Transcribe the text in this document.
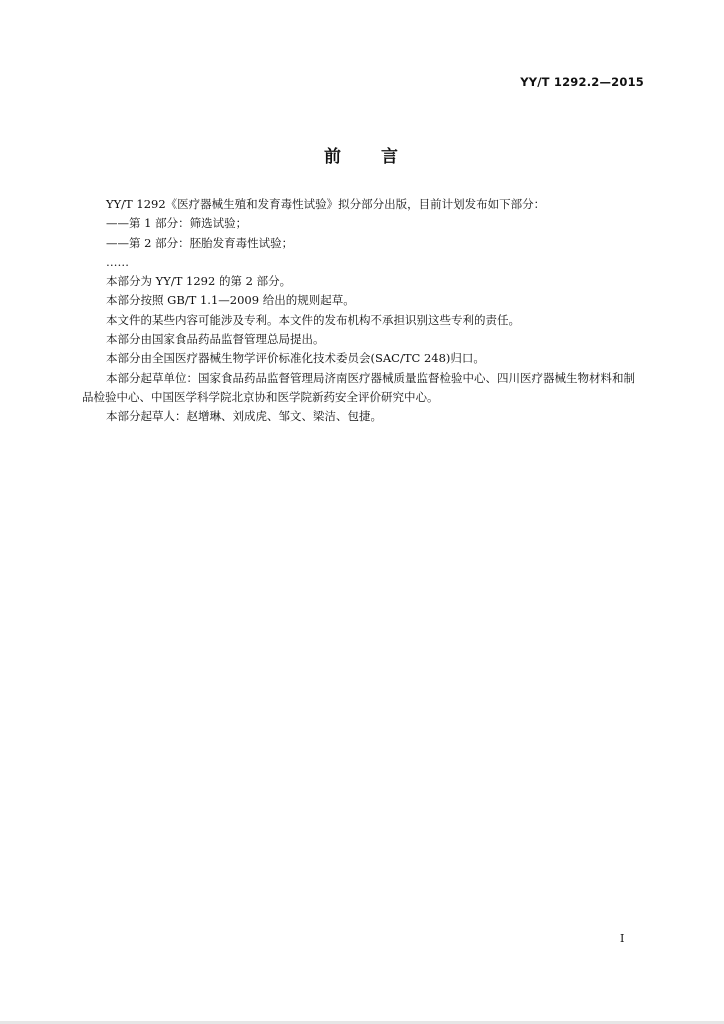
YY/T 1292.2—2015
前 言

YY/T 1292《医疗器械生殖和发育毒性试验》拟分部分出版，目前计划发布如下部分：

——第 1 部分：筛选试验；

——第 2 部分：胚胎发育毒性试验；

……

本部分为 YY/T 1292 的第 2 部分。

本部分按照 GB/T 1.1—2009 给出的规则起草。

本文件的某些内容可能涉及专利。本文件的发布机构不承担识别这些专利的责任。

本部分由国家食品药品监督管理总局提出。

本部分由全国医疗器械生物学评价标准化技术委员会(SAC/TC 248)归口。

本部分起草单位：国家食品药品监督管理局济南医疗器械质量监督检验中心、四川医疗器械生物材料和制品检验中心、中国医学科学院北京协和医学院新药安全评价研究中心。

本部分起草人：赵增琳、刘成虎、邹文、梁洁、包捷。

I
